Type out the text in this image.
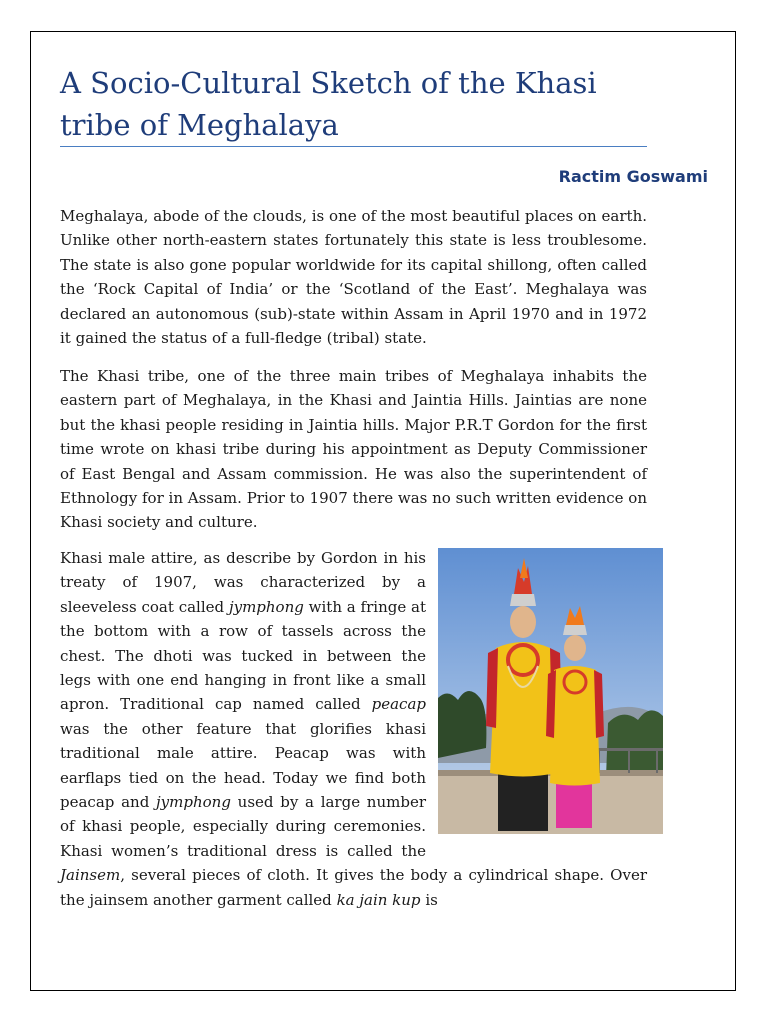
A Socio-Cultural Sketch of the Khasi tribe of Meghalaya
Ractim Goswami

Meghalaya, abode of the clouds, is one of the most beautiful places on earth. Unlike other north-eastern states fortunately this state is less troublesome. The state is also gone popular worldwide for its capital shillong, often called the ‘Rock Capital of India’ or the ‘Scotland of the East’. Meghalaya was declared an autonomous (sub)-state within Assam in April 1970 and in 1972 it gained the status of a full-fledge (tribal) state.

The Khasi tribe, one of the three main tribes of Meghalaya inhabits the eastern part of Meghalaya, in the Khasi and Jaintia Hills. Jaintias are none but the khasi people residing in Jaintia hills. Major P.R.T Gordon for the first time wrote on khasi tribe during his appointment as Deputy Commissioner of East Bengal and Assam commission. He was also the superintendent of Ethnology for in Assam. Prior to 1907 there was no such written evidence on Khasi society and culture.

Khasi male attire, as describe by Gordon in his treaty of 1907, was characterized by a sleeveless coat called jymphong with a fringe at the bottom with a row of tassels across the chest. The dhoti was tucked in between the legs with one end hanging in front like a small apron. Traditional cap named called peacap was the other feature that glorifies khasi traditional male attire. Peacap was with earflaps tied on the head. Today we find both peacap and jymphong used by a large number of khasi people, especially during ceremonies. Khasi women’s traditional dress is called the Jainsem, several pieces of cloth. It gives the body a cylindrical shape. Over the jainsem another garment called ka jain kup is
